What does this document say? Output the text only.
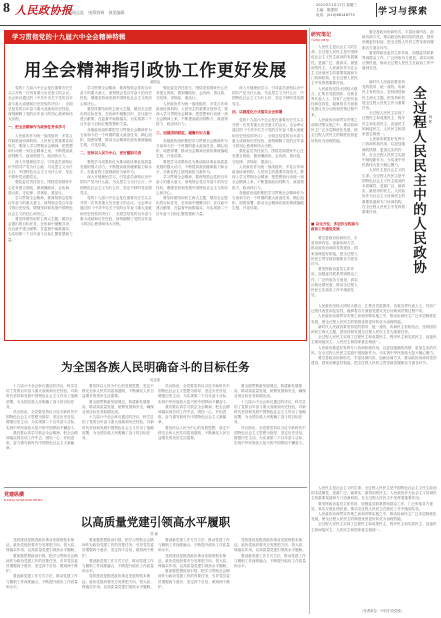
8 人民政协报
新闻总监 统筹协调 视觉编辑
2021年11月17日 星期三
主编：胡建国
电话：(010)88146770	学习与探索
学习贯彻党的十九届六中全会精神特辑
用全会精神指引政协工作更好发展
郝明金

党的十九届六中全会是在重要历史关头召开的一次具有重大历史意义的会议。全会审议通过的《中共中央关于党的百年奋斗重大成就和历史经验的决议》，全面总结党的百年奋斗重大成就和历史经验，深刻阐释了党的百年奋斗的初心使命和伟大历程。

一、把全会精神作为政治任务来学习

人民政协作为统一战线组织、多党合作和政治协商机构、人民民主的重要实现形式，要深入学习贯彻全会精神，把思想和行动统一到全会精神上来，不断提高政治判断力、政治领悟力、政治执行力。

深入开展理论学习，引导委员深刻认识中国共产党为什么能、马克思主义为什么行、中国特色社会主义为什么好，坚定不移听党话跟党走。

强化委员责任担当，围绕党和国家中心任务建言资政，做到懂政协、会协商、善议政，守纪律、讲规矩、重品行。

学习贯彻全会精神，要深刻领会党的百年奋斗的重大意义，深刻领会党百年奋斗的历史经验，增强坚持和发展中国特色社会主义的信心和决心。

要坚持团结和民主两大主题，紧扣全会提出的目标任务，在协商中凝聚共识、在议政中建言献策、在监督中助推落实，为实现第二个百年奋斗目标汇聚智慧和力量。

学习贯彻全会精神，要深刻领会党的百年奋斗的重大意义，深刻领会党百年奋斗的历史经验，增强坚持和发展中国特色社会主义的信心和决心。

要坚持团结和民主两大主题，紧扣全会提出的目标任务，在协商中凝聚共识、在议政中建言献策、在监督中助推落实，为实现第二个百年奋斗目标汇聚智慧和力量。

各级政协组织要把学习贯彻全会精神作为当前和今后一个时期的重大政治任务，精心组织、周密部署，推动全会精神在政协系统落地生根、开花结果。

二、坚持以人民为中心，更好履职尽责

要把学习成果转化为推动政协事业高质量发展的强大动力，不断提高政协履职能力和水平，在新征程上展现新担当新作为。

深入开展理论学习，引导委员深刻认识中国共产党为什么能、马克思主义为什么行、中国特色社会主义为什么好，坚定不移听党话跟党走。

党的十九届六中全会是在重要历史关头召开的一次具有重大历史意义的会议。全会审议通过的《中共中央关于党的百年奋斗重大成就和历史经验的决议》，全面总结党的百年奋斗重大成就和历史经验，深刻阐释了党的百年奋斗的初心使命和伟大历程。

强化委员责任担当，围绕党和国家中心任务建言资政，做到懂政协、会协商、善议政，守纪律、讲规矩、重品行。

人民政协作为统一战线组织、多党合作和政治协商机构、人民民主的重要实现形式，要深入学习贯彻全会精神，把思想和行动统一到全会精神上来，不断提高政治判断力、政治领悟力、政治执行力。

三、加强团结联谊，凝聚共识力量

各级政协组织要把学习贯彻全会精神作为当前和今后一个时期的重大政治任务，精心组织、周密部署，推动全会精神在政协系统落地生根、开花结果。

要把学习成果转化为推动政协事业高质量发展的强大动力，不断提高政协履职能力和水平，在新征程上展现新担当新作为。

学习贯彻全会精神，要深刻领会党的百年奋斗的重大意义，深刻领会党百年奋斗的历史经验，增强坚持和发展中国特色社会主义的信心和决心。

要坚持团结和民主两大主题，紧扣全会提出的目标任务，在协商中凝聚共识、在议政中建言献策、在监督中助推落实，为实现第二个百年奋斗目标汇聚智慧和力量。

深入开展理论学习，引导委员深刻认识中国共产党为什么能、马克思主义为什么行、中国特色社会主义为什么好，坚定不移听党话跟党走。

四、以制度化方式落实全会部署

党的十九届六中全会是在重要历史关头召开的一次具有重大历史意义的会议。全会审议通过的《中共中央关于党的百年奋斗重大成就和历史经验的决议》，全面总结党的百年奋斗重大成就和历史经验，深刻阐释了党的百年奋斗的初心使命和伟大历程。

强化委员责任担当，围绕党和国家中心任务建言资政，做到懂政协、会协商、善议政，守纪律、讲规矩、重品行。

人民政协作为统一战线组织、多党合作和政治协商机构、人民民主的重要实现形式，要深入学习贯彻全会精神，把思想和行动统一到全会精神上来，不断提高政治判断力、政治领悟力、政治执行力。

各级政协组织要把学习贯彻全会精神作为当前和今后一个时期的重大政治任务，精心组织、周密部署，推动全会精神在政协系统落地生根、开花结果。

为全国各族人民明确奋斗的目标任务
吴忠喜

十九届六中全会审议通过的决议，科学总结了党的百年奋斗重大成就和历史经验，对新时代坚持和发展中国特色社会主义作出了战略部署，为全国各族人民明确了奋斗的目标任务。

决议指出，全党要坚持以习近平新时代中国特色社会主义思想为指导，坚定历史自信，增强历史主动，为实现第二个百年奋斗目标、实现中华民族伟大复兴的中国梦而不懈奋斗。

我们要认真学习领会全会精神，把全会精神落实到各项工作中去，团结一心、开拓进取，奋力谱写新时代中国特色社会主义新篇章。

要坚持以人民为中心的发展思想，坚定不移走全体人民共同富裕道路，不断满足人民日益增长的美好生活需要。

要全面贯彻新发展理念，构建新发展格局，推动高质量发展，统筹发展和安全，确保各项目标任务如期完成。

十九届六中全会审议通过的决议，科学总结了党的百年奋斗重大成就和历史经验，对新时代坚持和发展中国特色社会主义作出了战略部署，为全国各族人民明确了奋斗的目标任务。

决议指出，全党要坚持以习近平新时代中国特色社会主义思想为指导，坚定历史自信，增强历史主动，为实现第二个百年奋斗目标、实现中华民族伟大复兴的中国梦而不懈奋斗。

我们要认真学习领会全会精神，把全会精神落实到各项工作中去，团结一心、开拓进取，奋力谱写新时代中国特色社会主义新篇章。

要坚持以人民为中心的发展思想，坚定不移走全体人民共同富裕道路，不断满足人民日益增长的美好生活需要。

要全面贯彻新发展理念，构建新发展格局，推动高质量发展，统筹发展和安全，确保各项目标任务如期完成。

十九届六中全会审议通过的决议，科学总结了党的百年奋斗重大成就和历史经验，对新时代坚持和发展中国特色社会主义作出了战略部署，为全国各族人民明确了奋斗的目标任务。

决议指出，全党要坚持以习近平新时代中国特色社会主义思想为指导，坚定历史自信，增强历史主动，为实现第二个百年奋斗目标、实现中华民族伟大复兴的中国梦而不懈奋斗。

党建纵横
DANGJIANZONGHENG
以高质量党建引领高水平履职
刘 斌

党的建设是推进政协事业发展的根本保证。政协党组织要充分发挥把方向、管大局、保落实作用，以高质量党建引领高水平履职。

要加强思想政治引领，把学习贯彻全会精神作为政协党建工作的首要任务，引导党员委员增强四个意识、坚定四个自信、做到两个维护。

要创新党建工作方式方法，推动党建工作与履职工作深度融合，不断提升政协工作质量和水平。

要加强思想政治引领，把学习贯彻全会精神作为政协党建工作的首要任务，引导党员委员增强四个意识、坚定四个自信、做到两个维护。

要创新党建工作方式方法，推动党建工作与履职工作深度融合，不断提升政协工作质量和水平。

党的建设是推进政协事业发展的根本保证。政协党组织要充分发挥把方向、管大局、保落实作用，以高质量党建引领高水平履职。

要创新党建工作方式方法，推动党建工作与履职工作深度融合，不断提升政协工作质量和水平。

党的建设是推进政协事业发展的根本保证。政协党组织要充分发挥把方向、管大局、保落实作用，以高质量党建引领高水平履职。

要加强思想政治引领，把学习贯彻全会精神作为政协党建工作的首要任务，引导党员委员增强四个意识、坚定四个自信、做到两个维护。

党的建设是推进政协事业发展的根本保证。政协党组织要充分发挥把方向、管大局、保落实作用，以高质量党建引领高水平履职。

要创新党建工作方式方法，推动党建工作与履职工作深度融合，不断提升政协工作质量和水平。

研究笔记
YANJIUBIJI

人民民主是社会主义的生命。全过程人民民主是中国特色社会主义民主政治的本质属性，是最广泛、最真实、最管用的民主。人民政协作为社会主义协商民主的重要渠道和专门协商机构，在全过程人民民主中发挥着重要作用。

人民政协坚持大团结大联合，汇集各党派团体、各族各界代表人士，具有广泛的代表性和包容性，能够将各方面意见建议充分反映到决策过程中来。

人民政协协商贯穿决策之前和决策实施之中，推动协商民主广泛多层制度化发展，使全过程人民民主的制度优势更好转化为治理效能。

要完善政协协商形式，丰富协商内容，创新协商方式，推动政协协商同党的建设、国家治理更好衔接，把全过程人民民主贯穿政协履职各方面各环节。

要发挥政协委员主体作用，加强委员联系界别群众工作，广泛听取各方意见，真实反映社情民意，推动全过程人民民主在政协工作中落到实处。

全过程人民民主中的人民政协 杨 彬

新时代人民政协要坚持党的领导、统一战线、协商民主有机结合，坚持团结和民主两大主题，把坚持和发展全过程人民民主作为重要任务。

全过程人民民主实现了过程民主和成果民主、程序民主和实质民主、直接民主和间接民主、人民民主和国家意志相统一。

人民政协要更好发挥专门协商机构作用，以更加饱满的热情、更加扎实的作风，在全过程人民民主实践中展现新作为，为实现中华民族伟大复兴凝心聚力。

人民民主是社会主义的生命。全过程人民民主是中国特色社会主义民主政治的本质属性，是最广泛、最真实、最管用的民主。人民政协作为社会主义协商民主的重要渠道和专门协商机构，在全过程人民民主中发挥着重要作用。

■ 以全方位、多层次全程参与政协工作建设发展

要完善政协协商形式，丰富协商内容，创新协商方式，推动政协协商同党的建设、国家治理更好衔接，把全过程人民民主贯穿政协履职各方面各环节。

要发挥政协委员主体作用，加强委员联系界别群众工作，广泛听取各方意见，真实反映社情民意，推动全过程人民民主在政协工作中落到实处。

人民政协坚持大团结大联合，汇集各党派团体、各族各界代表人士，具有广泛的代表性和包容性，能够将各方面意见建议充分反映到决策过程中来。

人民政协协商贯穿决策之前和决策实施之中，推动协商民主广泛多层制度化发展，使全过程人民民主的制度优势更好转化为治理效能。

新时代人民政协要坚持党的领导、统一战线、协商民主有机结合，坚持团结和民主两大主题，把坚持和发展全过程人民民主作为重要任务。

全过程人民民主实现了过程民主和成果民主、程序民主和实质民主、直接民主和间接民主、人民民主和国家意志相统一。

人民政协要更好发挥专门协商机构作用，以更加饱满的热情、更加扎实的作风，在全过程人民民主实践中展现新作为，为实现中华民族伟大复兴凝心聚力。

要完善政协协商形式，丰富协商内容，创新协商方式，推动政协协商同党的建设、国家治理更好衔接，把全过程人民民主贯穿政协履职各方面各环节。

人民民主是社会主义的生命。全过程人民民主是中国特色社会主义民主政治的本质属性，是最广泛、最真实、最管用的民主。人民政协作为社会主义协商民主的重要渠道和专门协商机构，在全过程人民民主中发挥着重要作用。

要发挥政协委员主体作用，加强委员联系界别群众工作，广泛听取各方意见，真实反映社情民意，推动全过程人民民主在政协工作中落到实处。

人民政协协商贯穿决策之前和决策实施之中，推动协商民主广泛多层制度化发展，使全过程人民民主的制度优势更好转化为治理效能。

全过程人民民主实现了过程民主和成果民主、程序民主和实质民主、直接民主和间接民主、人民民主和国家意志相统一。

（作者单位：中共中央党校）
